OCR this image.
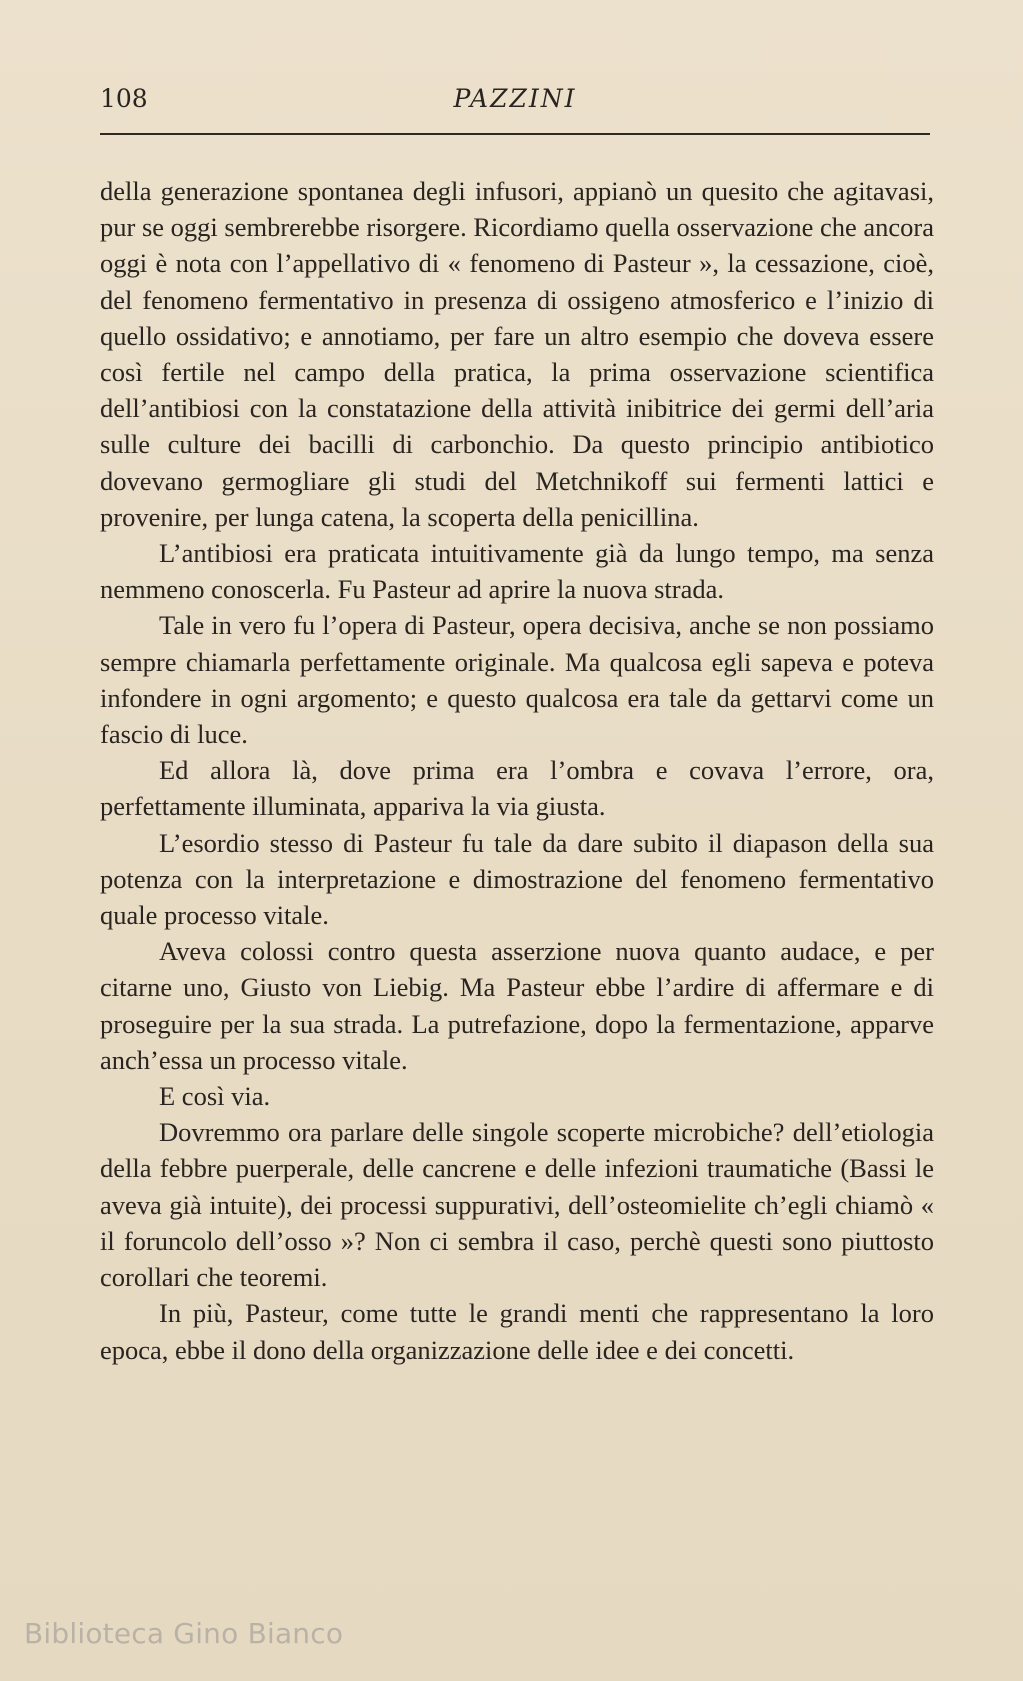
108	PAZZINI

della generazione spontanea degli infusori, appianò un quesito che agitavasi, pur se oggi sembrerebbe risorgere. Ricordiamo quella osservazione che ancora oggi è nota con l’appellativo di « fenomeno di Pasteur », la cessazione, cioè, del fenomeno fermentativo in presenza di ossigeno atmosferico e l’inizio di quello ossidativo; e annotiamo, per fare un altro esempio che doveva essere così fertile nel campo della pratica, la prima osservazione scientifica dell’antibiosi con la constatazione della attività inibitrice dei germi dell’aria sulle culture dei bacilli di carbonchio. Da questo principio antibiotico dovevano germogliare gli studi del Metchnikoff sui fermenti lattici e provenire, per lunga catena, la scoperta della penicillina.

L’antibiosi era praticata intuitivamente già da lungo tempo, ma senza nemmeno conoscerla. Fu Pasteur ad aprire la nuova strada.

Tale in vero fu l’opera di Pasteur, opera decisiva, anche se non possiamo sempre chiamarla perfettamente originale. Ma qualcosa egli sapeva e poteva infondere in ogni argomento; e questo qualcosa era tale da gettarvi come un fascio di luce.

Ed allora là, dove prima era l’ombra e covava l’errore, ora, perfettamente illuminata, appariva la via giusta.

L’esordio stesso di Pasteur fu tale da dare subito il diapason della sua potenza con la interpretazione e dimostrazione del fenomeno fermentativo quale processo vitale.

Aveva colossi contro questa asserzione nuova quanto audace, e per citarne uno, Giusto von Liebig. Ma Pasteur ebbe l’ardire di affermare e di proseguire per la sua strada. La putrefazione, dopo la fermentazione, apparve anch’essa un processo vitale.

E così via.

Dovremmo ora parlare delle singole scoperte microbiche? dell’etiologia della febbre puerperale, delle cancrene e delle infezioni traumatiche (Bassi le aveva già intuite), dei processi suppurativi, dell’osteomielite ch’egli chiamò « il foruncolo dell’osso »? Non ci sembra il caso, perchè questi sono piuttosto corollari che teoremi.

In più, Pasteur, come tutte le grandi menti che rappresentano la loro epoca, ebbe il dono della organizzazione delle idee e dei concetti.

Biblioteca Gino Bianco
